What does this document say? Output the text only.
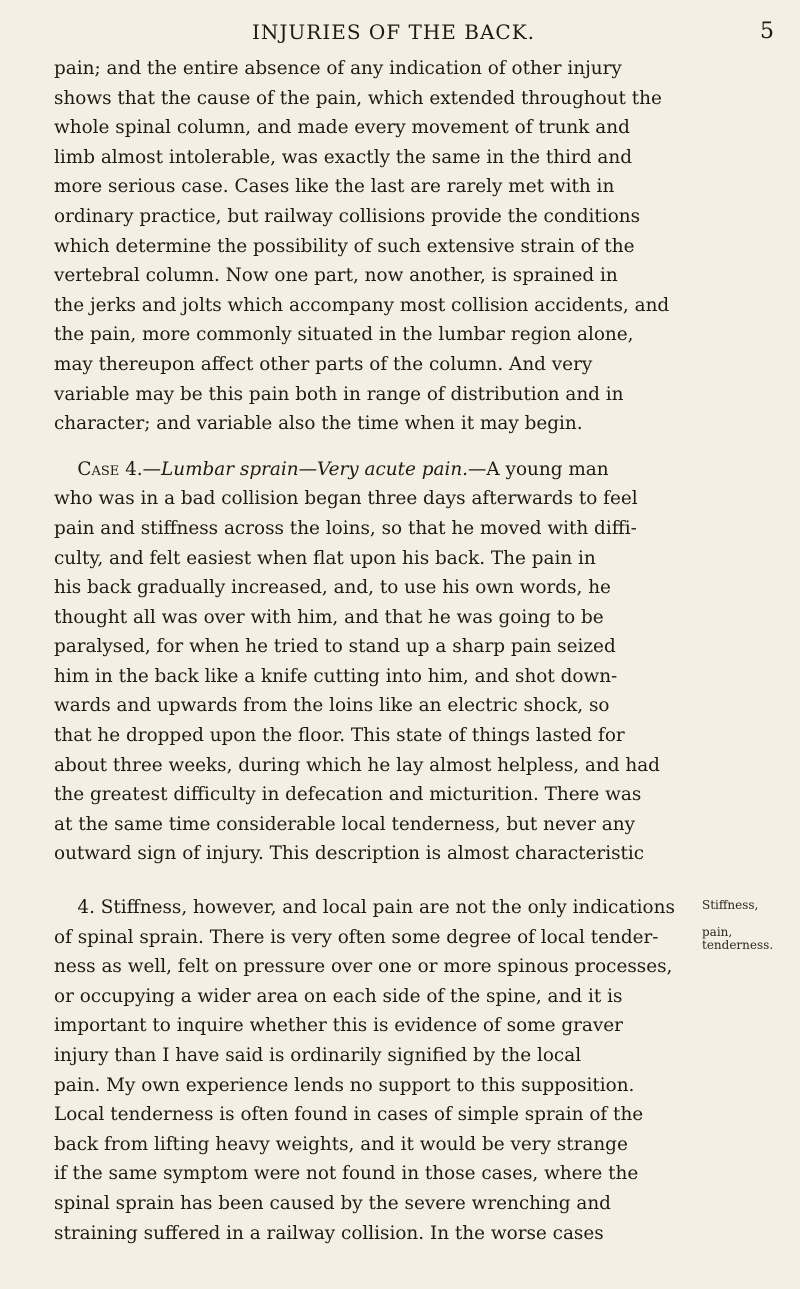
INJURIES OF THE BACK.	5
pain; and the entire absence of any indication of other injury
shows that the cause of the pain, which extended throughout the
whole spinal column, and made every movement of trunk and
limb almost intolerable, was exactly the same in the third and
more serious case. Cases like the last are rarely met with in
ordinary practice, but railway collisions provide the conditions
which determine the possibility of such extensive strain of the
vertebral column. Now one part, now another, is sprained in
the jerks and jolts which accompany most collision accidents, and
the pain, more commonly situated in the lumbar region alone,
may thereupon affect other parts of the column. And very
variable may be this pain both in range of distribution and in
character; and variable also the time when it may begin.
Case 4.—Lumbar sprain—Very acute pain.—A young man
who was in a bad collision began three days afterwards to feel
pain and stiffness across the loins, so that he moved with diffi-
culty, and felt easiest when flat upon his back. The pain in
his back gradually increased, and, to use his own words, he
thought all was over with him, and that he was going to be
paralysed, for when he tried to stand up a sharp pain seized
him in the back like a knife cutting into him, and shot down-
wards and upwards from the loins like an electric shock, so
that he dropped upon the floor. This state of things lasted for
about three weeks, during which he lay almost helpless, and had
the greatest difficulty in defecation and micturition. There was
at the same time considerable local tenderness, but never any
outward sign of injury. This description is almost characteristic
4. Stiffness, however, and local pain are not the only indications
of spinal sprain. There is very often some degree of local tender-
ness as well, felt on pressure over one or more spinous processes,
or occupying a wider area on each side of the spine, and it is
important to inquire whether this is evidence of some graver
injury than I have said is ordinarily signified by the local
pain. My own experience lends no support to this supposition.
Local tenderness is often found in cases of simple sprain of the
back from lifting heavy weights, and it would be very strange
if the same symptom were not found in those cases, where the
spinal sprain has been caused by the severe wrenching and
straining suffered in a railway collision. In the worse cases
Stiffness,
pain,
tenderness.
